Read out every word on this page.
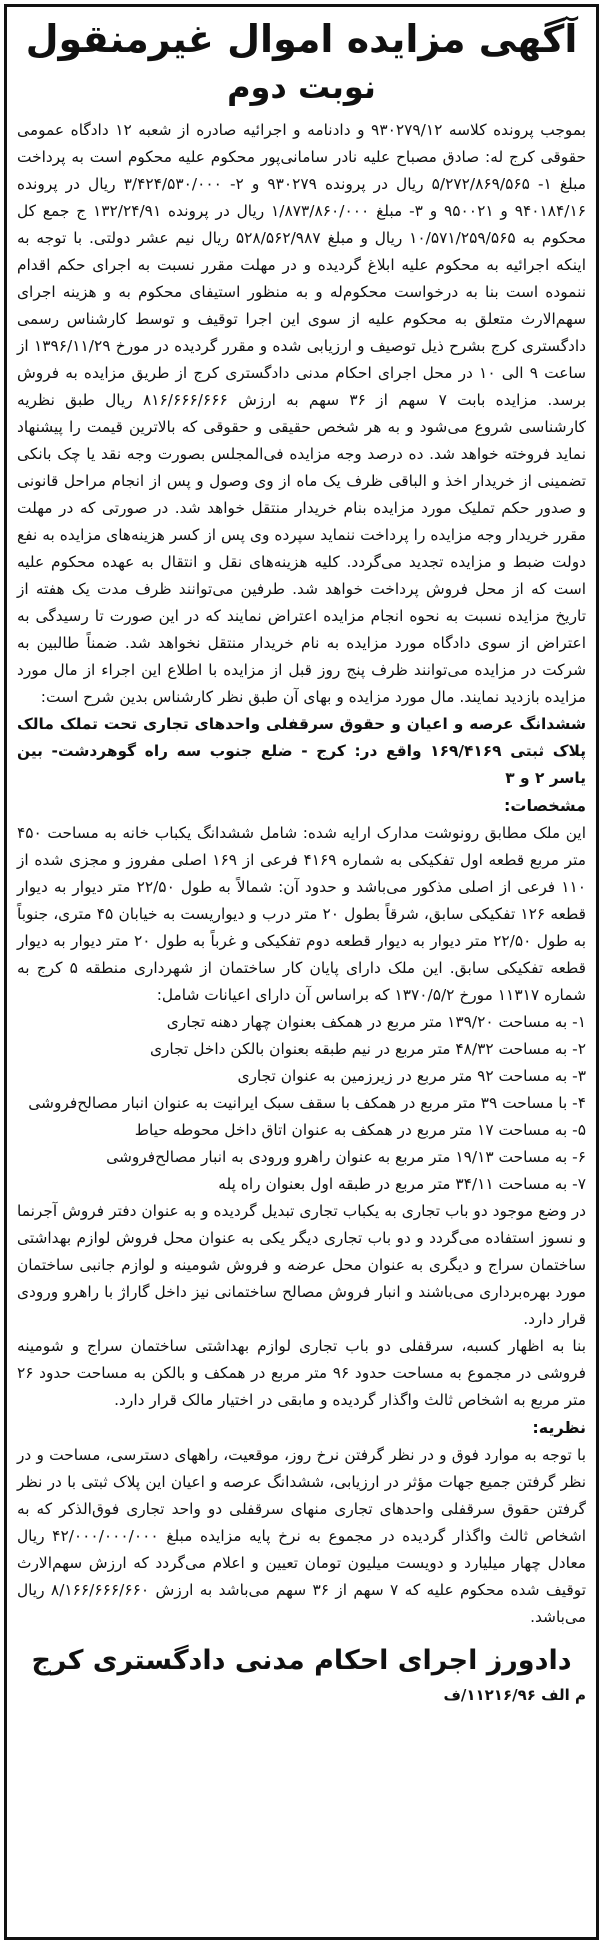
آگهی مزایده اموال غیرمنقول
نوبت دوم

بموجب پرونده کلاسه ۹۳۰۲۷۹/۱۲ و دادنامه و اجرائیه صادره از شعبه ۱۲ دادگاه عمومی حقوقی کرج له: صادق مصباح علیه نادر سامانی‌پور محکوم علیه محکوم است به پرداخت مبلغ ۱- ۵/۲۷۲/۸۶۹/۵۶۵ ریال در پرونده ۹۳۰۲۷۹ و ۲- ۳/۴۲۴/۵۳۰/۰۰۰ ریال در پرونده ۹۴۰۱۸۴/۱۶ و ۹۵۰۰۲۱ و ۳- مبلغ ۱/۸۷۳/۸۶۰/۰۰۰ ریال در پرونده ۱۳۲/۲۴/۹۱ ج جمع کل محکوم به ۱۰/۵۷۱/۲۵۹/۵۶۵ ریال و مبلغ ۵۲۸/۵۶۲/۹۸۷ ریال نیم عشر دولتی. با توجه به اینکه اجرائیه به محکوم علیه ابلاغ گردیده و در مهلت مقرر نسبت به اجرای حکم اقدام ننموده است بنا به درخواست محکوم‌له و به منظور استیفای محکوم به و هزینه اجرای سهم‌الارث متعلق به محکوم علیه از سوی این اجرا توقیف و توسط کارشناس رسمی دادگستری کرج بشرح ذیل توصیف و ارزیابی شده و مقرر گردیده در مورخ ۱۳۹۶/۱۱/۲۹ از ساعت ۹ الی ۱۰ در محل اجرای احکام مدنی دادگستری کرج از طریق مزایده به فروش برسد. مزایده بابت ۷ سهم از ۳۶ سهم به ارزش ۸۱۶/۶۶۶/۶۶۶ ریال طبق نظریه کارشناسی شروع می‌شود و به هر شخص حقیقی و حقوقی که بالاترین قیمت را پیشنهاد نماید فروخته خواهد شد. ده درصد وجه مزایده فی‌المجلس بصورت وجه نقد یا چک بانکی تضمینی از خریدار اخذ و الباقی ظرف یک ماه از وی وصول و پس از انجام مراحل قانونی و صدور حکم تملیک مورد مزایده بنام خریدار منتقل خواهد شد. در صورتی که در مهلت مقرر خریدار وجه مزایده را پرداخت ننماید سپرده وی پس از کسر هزینه‌های مزایده به نفع دولت ضبط و مزایده تجدید می‌گردد. کلیه هزینه‌های نقل و انتقال به عهده محکوم علیه است که از محل فروش پرداخت خواهد شد. طرفین می‌توانند ظرف مدت یک هفته از تاریخ مزایده نسبت به نحوه انجام مزایده اعتراض نمایند که در این صورت تا رسیدگی به اعتراض از سوی دادگاه مورد مزایده به نام خریدار منتقل نخواهد شد. ضمناً طالبین به شرکت در مزایده می‌توانند ظرف پنج روز قبل از مزایده با اطلاع این اجراء از مال مورد مزایده بازدید نمایند. مال مورد مزایده و بهای آن طبق نظر کارشناس بدین شرح است:

ششدانگ عرصه و اعیان و حقوق سرقفلی واحدهای تجاری تحت تملک مالک پلاک ثبتی ۱۶۹/۴۱۶۹ واقع در: کرج - ضلع جنوب سه راه گوهردشت- بین یاسر ۲ و ۳

مشخصات:

این ملک مطابق رونوشت مدارک ارایه شده: شامل ششدانگ یکباب خانه به مساحت ۴۵۰ متر مربع قطعه اول تفکیکی به شماره ۴۱۶۹ فرعی از ۱۶۹ اصلی مفروز و مجزی شده از ۱۱۰ فرعی از اصلی مذکور می‌باشد و حدود آن: شمالاً به طول ۲۲/۵۰ متر دیوار به دیوار قطعه ۱۲۶ تفکیکی سابق، شرقاً بطول ۲۰ متر درب و دیواریست به خیابان ۴۵ متری، جنوباً به طول ۲۲/۵۰ متر دیوار به دیوار قطعه دوم تفکیکی و غرباً به طول ۲۰ متر دیوار به دیوار قطعه تفکیکی سابق. این ملک دارای پایان کار ساختمان از شهرداری منطقه ۵ کرج به شماره ۱۱۳۱۷ مورخ ۱۳۷۰/۵/۲ که براساس آن دارای اعیانات شامل:

۱- به مساحت ۱۳۹/۲۰ متر مربع در همکف بعنوان چهار دهنه تجاری
۲- به مساحت ۴۸/۳۲ متر مربع در نیم طبقه بعنوان بالکن داخل تجاری
۳- به مساحت ۹۲ متر مربع در زیرزمین به عنوان تجاری
۴- با مساحت ۳۹ متر مربع در همکف با سقف سبک ایرانیت به عنوان انبار مصالح‌فروشی
۵- به مساحت ۱۷ متر مربع در همکف به عنوان اتاق داخل محوطه حیاط
۶- به مساحت ۱۹/۱۳ متر مربع به عنوان راهرو ورودی به انبار مصالح‌فروشی
۷- به مساحت ۳۴/۱۱ متر مربع در طبقه اول بعنوان راه پله

در وضع موجود دو باب تجاری به یکباب تجاری تبدیل گردیده و به عنوان دفتر فروش آجرنما و نسوز استفاده می‌گردد و دو باب تجاری دیگر یکی به عنوان محل فروش لوازم بهداشتی ساختمان سراج و دیگری به عنوان محل عرضه و فروش شومینه و لوازم جانبی ساختمان مورد بهره‌برداری می‌باشند و انبار فروش مصالح ساختمانی نیز داخل گاراژ با راهرو ورودی قرار دارد.

بنا به اظهار کسبه، سرقفلی دو باب تجاری لوازم بهداشتی ساختمان سراج و شومینه فروشی در مجموع به مساحت حدود ۹۶ متر مربع در همکف و بالکن به مساحت حدود ۲۶ متر مربع به اشخاص ثالث واگذار گردیده و مابقی در اختیار مالک قرار دارد.

نظریه:

با توجه به موارد فوق و در نظر گرفتن نرخ روز، موقعیت، راههای دسترسی، مساحت و در نظر گرفتن جمیع جهات مؤثر در ارزیابی، ششدانگ عرصه و اعیان این پلاک ثبتی با در نظر گرفتن حقوق سرقفلی واحدهای تجاری منهای سرقفلی دو واحد تجاری فوق‌الذکر که به اشخاص ثالث واگذار گردیده در مجموع به نرخ پایه مزایده مبلغ ۴۲/۰۰۰/۰۰۰/۰۰۰ ریال معادل چهار میلیارد و دویست میلیون تومان تعیین و اعلام می‌گردد که ارزش سهم‌الارث توقیف شده محکوم علیه که ۷ سهم از ۳۶ سهم می‌باشد به ارزش ۸/۱۶۶/۶۶۶/۶۶۰ ریال می‌باشد.

دادورز اجرای احکام مدنی دادگستری کرج
م الف ۱۱۲۱۶/۹۶/ف
